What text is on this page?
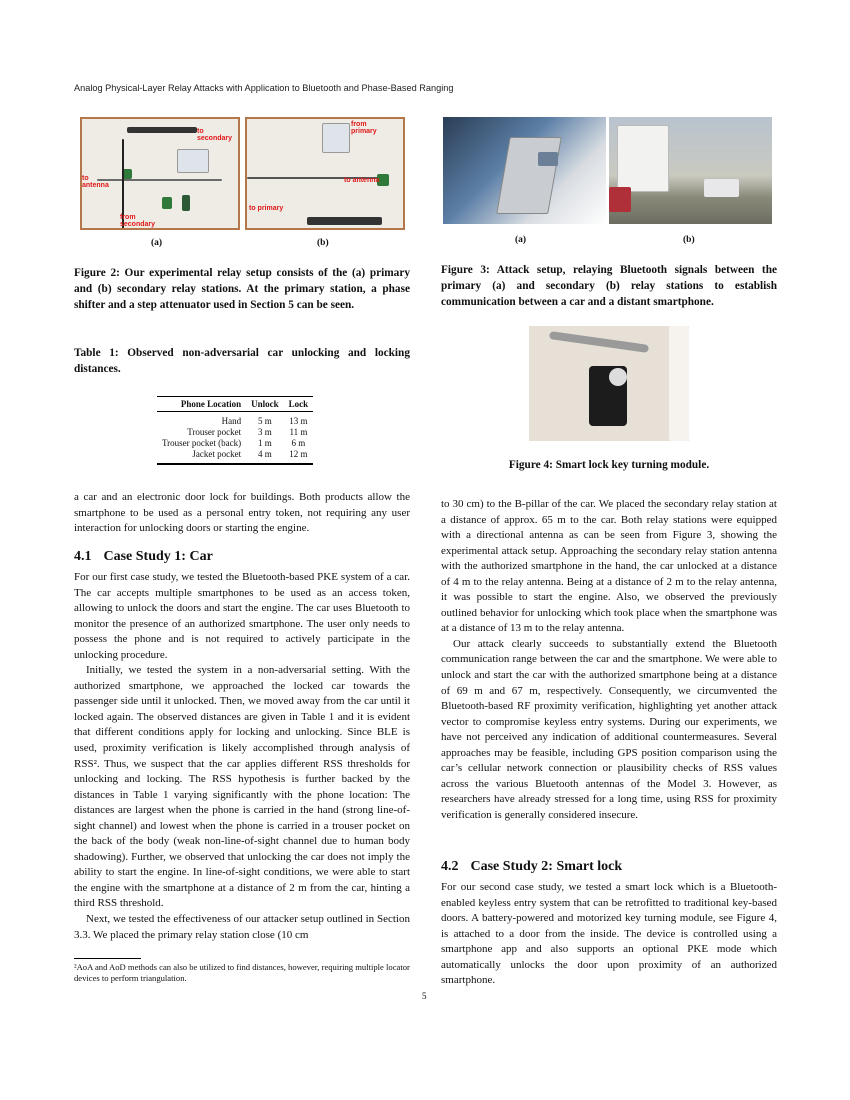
Analog Physical-Layer Relay Attacks with Application to Bluetooth and Phase-Based Ranging
to secondary
to antenna
from secondary
from primary
to antenna
to primary
(a)	(b)
Figure 2: Our experimental relay setup consists of the (a) primary and (b) secondary relay stations. At the primary station, a phase shifter and a step attenuator used in Section 5 can be seen.
Table 1: Observed non-adversarial car unlocking and locking distances.
Phone Location	Unlock	Lock

Hand	5 m	13 m
Trouser pocket	3 m	11 m
Trouser pocket (back)	1 m	6 m
Jacket pocket	4 m	12 m

a car and an electronic door lock for buildings. Both products allow the smartphone to be used as a personal entry token, not requiring any user interaction for unlocking doors or starting the engine.

4.1 Case Study 1: Car

For our first case study, we tested the Bluetooth-based PKE system of a car. The car accepts multiple smartphones to be used as an access token, allowing to unlock the doors and start the engine. The car uses Bluetooth to monitor the presence of an authorized smartphone. The user only needs to possess the phone and is not required to actively participate in the unlocking procedure.

Initially, we tested the system in a non-adversarial setting. With the authorized smartphone, we approached the locked car towards the passenger side until it unlocked. Then, we moved away from the car until it locked again. The observed distances are given in Table 1 and it is evident that different conditions apply for locking and unlocking. Since BLE is used, proximity verification is likely accomplished through analysis of RSS². Thus, we suspect that the car applies different RSS thresholds for unlocking and locking. The RSS hypothesis is further backed by the distances in Table 1 varying significantly with the phone location: The distances are largest when the phone is carried in the hand (strong line-of-sight channel) and lowest when the phone is carried in a trouser pocket on the back of the body (weak non-line-of-sight channel due to human body shadowing). Further, we observed that unlocking the car does not imply the ability to start the engine. In line-of-sight conditions, we were able to start the engine with the smartphone at a distance of 2 m from the car, hinting a third RSS threshold.

Next, we tested the effectiveness of our attacker setup outlined in Section 3.3. We placed the primary relay station close (10 cm

²AoA and AoD methods can also be utilized to find distances, however, requiring multiple locator devices to perform triangulation.
(a)	(b)
Figure 3: Attack setup, relaying Bluetooth signals between the primary (a) and secondary (b) relay stations to establish communication between a car and a distant smartphone.
Figure 4: Smart lock key turning module.

to 30 cm) to the B-pillar of the car. We placed the secondary relay station at a distance of approx. 65 m to the car. Both relay stations were equipped with a directional antenna as can be seen from Figure 3, showing the experimental attack setup. Approaching the secondary relay station antenna with the authorized smartphone in the hand, the car unlocked at a distance of 4 m to the relay antenna. Being at a distance of 2 m to the relay antenna, it was possible to start the engine. Also, we observed the previously outlined behavior for unlocking which took place when the smartphone was at a distance of 13 m to the relay antenna.

Our attack clearly succeeds to substantially extend the Bluetooth communication range between the car and the smartphone. We were able to unlock and start the car with the authorized smartphone being at a distance of 69 m and 67 m, respectively. Consequently, we circumvented the Bluetooth-based RF proximity verification, highlighting yet another attack vector to compromise keyless entry systems. During our experiments, we have not perceived any indication of additional countermeasures. Several approaches may be feasible, including GPS position comparison using the car’s cellular network connection or plausibility checks of RSS values across the various Bluetooth antennas of the Model 3. However, as researchers have already stressed for a long time, using RSS for proximity verification is generally considered insecure.

4.2 Case Study 2: Smart lock

For our second case study, we tested a smart lock which is a Bluetooth-enabled keyless entry system that can be retrofitted to traditional key-based doors. A battery-powered and motorized key turning module, see Figure 4, is attached to a door from the inside. The device is controlled using a smartphone app and also supports an optional PKE mode which automatically unlocks the door upon proximity of an authorized smartphone.

5
